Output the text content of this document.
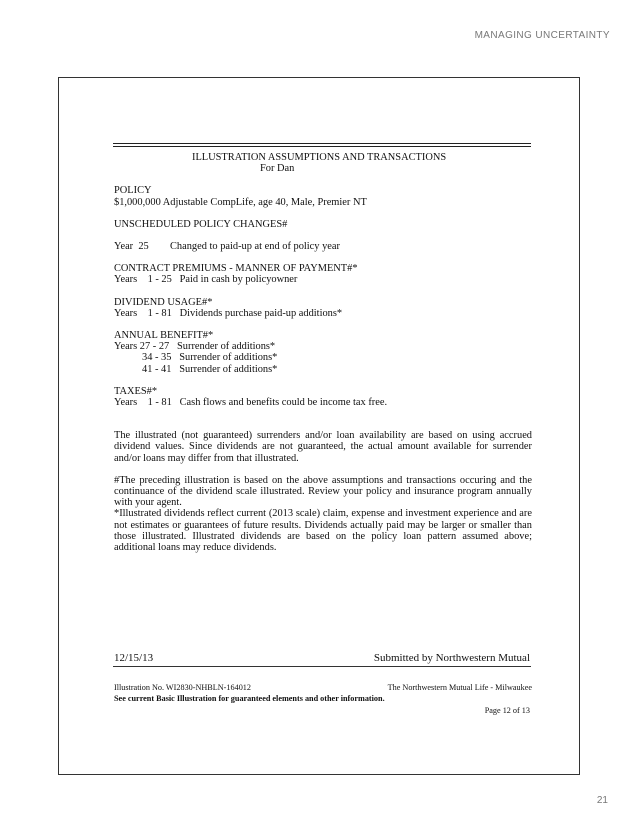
MANAGING UNCERTAINTY
ILLUSTRATION ASSUMPTIONS AND TRANSACTIONS
For Dan
POLICY
$1,000,000 Adjustable CompLife, age 40, Male, Premier NT
UNSCHEDULED POLICY CHANGES#
Year  25	Changed to paid-up at end of policy year
CONTRACT PREMIUMS - MANNER OF PAYMENT#*
Years    1 - 25   Paid in cash by policyowner
DIVIDEND USAGE#*
Years    1 - 81   Dividends purchase paid-up additions*
ANNUAL BENEFIT#*
Years 27 - 27   Surrender of additions*
34 - 35   Surrender of additions*
41 - 41   Surrender of additions*
TAXES#*
Years    1 - 81   Cash flows and benefits could be income tax free.
The illustrated (not guaranteed) surrenders and/or loan availability are based on using accrued dividend values. Since dividends are not guaranteed, the actual amount available for surrender and/or loans may differ from that illustrated.
#The preceding illustration is based on the above assumptions and transactions occuring and the continuance of the dividend scale illustrated. Review your policy and insurance program annually with your agent.
*Illustrated dividends reflect current (2013 scale) claim, expense and investment experience and are not estimates or guarantees of future results. Dividends actually paid may be larger or smaller than those illustrated. Illustrated dividends are based on the policy loan pattern assumed above; additional loans may reduce dividends.
12/15/13	Submitted by Northwestern Mutual
Illustration No. WI2830-NHBLN-164012	The Northwestern Mutual Life - Milwaukee
See current Basic Illustration for guaranteed elements and other information.
Page 12 of 13
21
